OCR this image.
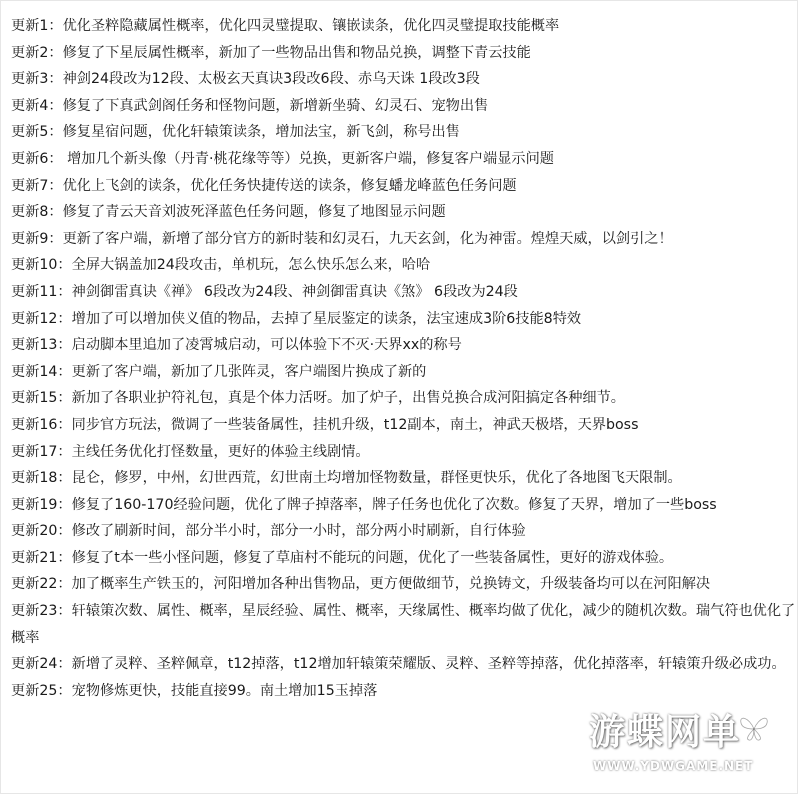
更新1：优化圣粹隐藏属性概率，优化四灵璧提取、镶嵌读条，优化四灵璧提取技能概率
更新2：修复了下星辰属性概率，新加了一些物品出售和物品兑换，调整下青云技能
更新3：神剑24段改为12段、太极玄天真诀3段改6段、赤乌天诛 1段改3段
更新4：修复了下真武剑阁任务和怪物问题，新增新坐骑、幻灵石、宠物出售
更新5：修复星宿问题，优化轩辕策读条，增加法宝，新飞剑，称号出售
更新6： 增加几个新头像（丹青·桃花缘等等）兑换，更新客户端，修复客户端显示问题
更新7：优化上飞剑的读条，优化任务快捷传送的读条，修复蟠龙峰蓝色任务问题
更新8：修复了青云天音刘波死泽蓝色任务问题，修复了地图显示问题
更新9：更新了客户端，新增了部分官方的新时装和幻灵石，九天玄剑，化为神雷。煌煌天威，以剑引之！
更新10：全屏大锅盖加24段攻击，单机玩，怎么快乐怎么来，哈哈
更新11：神剑御雷真诀《禅》 6段改为24段、神剑御雷真诀《煞》 6段改为24段
更新12：增加了可以增加侠义值的物品，去掉了星辰鉴定的读条，法宝速成3阶6技能8特效
更新13：启动脚本里追加了凌霄城启动，可以体验下不灭·天界xx的称号
更新14：更新了客户端，新加了几张阵灵，客户端图片换成了新的
更新15：新加了各职业护符礼包，真是个体力活呀。加了炉子，出售兑换合成河阳搞定各种细节。
更新16：同步官方玩法，微调了一些装备属性，挂机升级，t12副本，南土，神武天极塔，天界boss
更新17：主线任务优化打怪数量，更好的体验主线剧情。
更新18：昆仑，修罗，中州，幻世西荒，幻世南土均增加怪物数量，群怪更快乐，优化了各地图飞天限制。
更新19：修复了160-170经验问题，优化了牌子掉落率，牌子任务也优化了次数。修复了天界，增加了一些boss
更新20：修改了刷新时间，部分半小时，部分一小时，部分两小时刷新，自行体验
更新21：修复了t本一些小怪问题，修复了草庙村不能玩的问题，优化了一些装备属性，更好的游戏体验。
更新22：加了概率生产铁玉的，河阳增加各种出售物品，更方便做细节，兑换铸文，升级装备均可以在河阳解决
更新23：轩辕策次数、属性、概率，星辰经验、属性、概率，天缘属性、概率均做了优化，减少的随机次数。瑞气符也优化了概率
更新24：新增了灵粹、圣粹佩章，t12掉落，t12增加轩辕策荣耀版、灵粹、圣粹等掉落，优化掉落率，轩辕策升级必成功。
更新25：宠物修炼更快，技能直接99。南土增加15玉掉落
游蝶网单
WWW.YDWGAME.NET
